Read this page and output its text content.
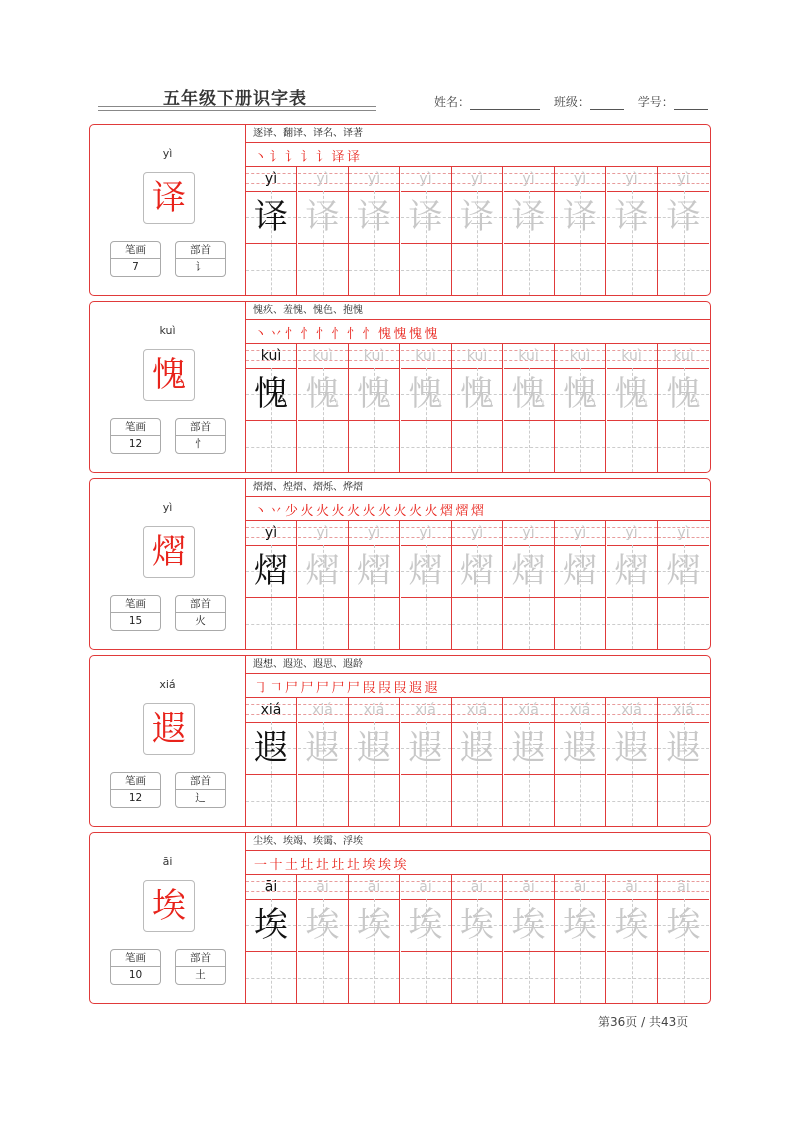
五年级下册识字表	姓名：	班级：	学号：
yì
译
笔画
7
部首
讠
逐译、翻译、译名、译著
丶 讠 讠 讠 讠 译 译
yì
译
yì
译
yì
译
yì
译
yì
译
yì
译
yì
译
yì
译
yì
译
kuì
愧
笔画
12
部首
忄
愧疚、羞愧、愧色、抱愧
丶 丷 忄 忄 忄 忄 忄 忄 愧 愧 愧 愧
kuì
愧
kuì
愧
kuì
愧
kuì
愧
kuì
愧
kuì
愧
kuì
愧
kuì
愧
kuì
愧
yì
熠
笔画
15
部首
火
熠熠、煌熠、熠烁、烨熠
丶 丷 少 火 火 火 火 火 火 火 火 火 熠 熠 熠
yì
熠
yì
熠
yì
熠
yì
熠
yì
熠
yì
熠
yì
熠
yì
熠
yì
熠
xiá
遐
笔画
12
部首
辶
遐想、遐迩、遐思、遐龄
㇆ 𠃍 尸 尸 尸 尸 尸 叚 叚 叚 遐 遐
xiá
遐
xiá
遐
xiá
遐
xiá
遐
xiá
遐
xiá
遐
xiá
遐
xiá
遐
xiá
遐
āi
埃
笔画
10
部首
土
尘埃、埃竭、埃霭、浮埃
一 十 土 圵 圵 圵 圵 埃 埃 埃
āi
埃
āi
埃
āi
埃
āi
埃
āi
埃
āi
埃
āi
埃
āi
埃
āi
埃
第36页 / 共43页
